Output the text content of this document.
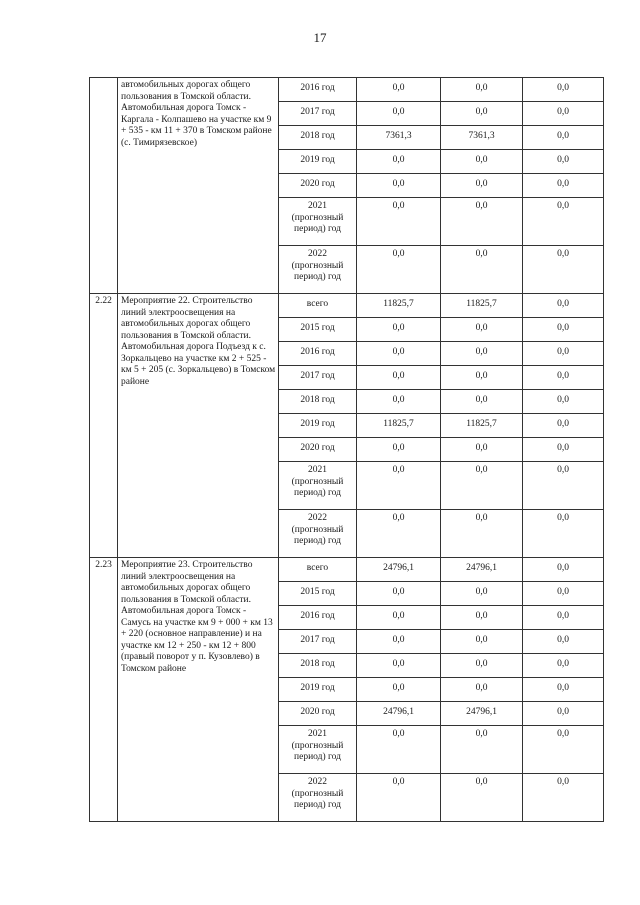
17
	автомобильных дорогах общего пользования в Томской области. Автомобильная дорога Томск - Каргала - Колпашево на участке км 9 + 535 - км 11 + 370 в Томском районе (с. Тимирязевское)	2016 год	0,0	0,0	0,0
		2017 год	0,0	0,0	0,0
		2018 год	7361,3	7361,3	0,0
		2019 год	0,0	0,0	0,0
		2020 год	0,0	0,0	0,0
		2021 (прогнозный период) год	0,0	0,0	0,0
		2022 (прогнозный период) год	0,0	0,0	0,0
2.22	Мероприятие 22. Строительство линий электроосвещения на автомобильных дорогах общего пользования в Томской области. Автомобильная дорога Подъезд к с. Зоркальцево на участке км 2 + 525 - км 5 + 205 (с. Зоркальцево) в Томском районе	всего	11825,7	11825,7	0,0
		2015 год	0,0	0,0	0,0
		2016 год	0,0	0,0	0,0
		2017 год	0,0	0,0	0,0
		2018 год	0,0	0,0	0,0
		2019 год	11825,7	11825,7	0,0
		2020 год	0,0	0,0	0,0
		2021 (прогнозный период) год	0,0	0,0	0,0
		2022 (прогнозный период) год	0,0	0,0	0,0
2.23	Мероприятие 23. Строительство линий электроосвещения на автомобильных дорогах общего пользования в Томской области. Автомобильная дорога Томск - Самусь на участке км 9 + 000 + км 13 + 220 (основное направление) и на участке км 12 + 250 - км 12 + 800 (правый поворот у п. Кузовлево) в Томском районе	всего	24796,1	24796,1	0,0
		2015 год	0,0	0,0	0,0
		2016 год	0,0	0,0	0,0
		2017 год	0,0	0,0	0,0
		2018 год	0,0	0,0	0,0
		2019 год	0,0	0,0	0,0
		2020 год	24796,1	24796,1	0,0
		2021 (прогнозный период) год	0,0	0,0	0,0
		2022 (прогнозный период) год	0,0	0,0	0,0
